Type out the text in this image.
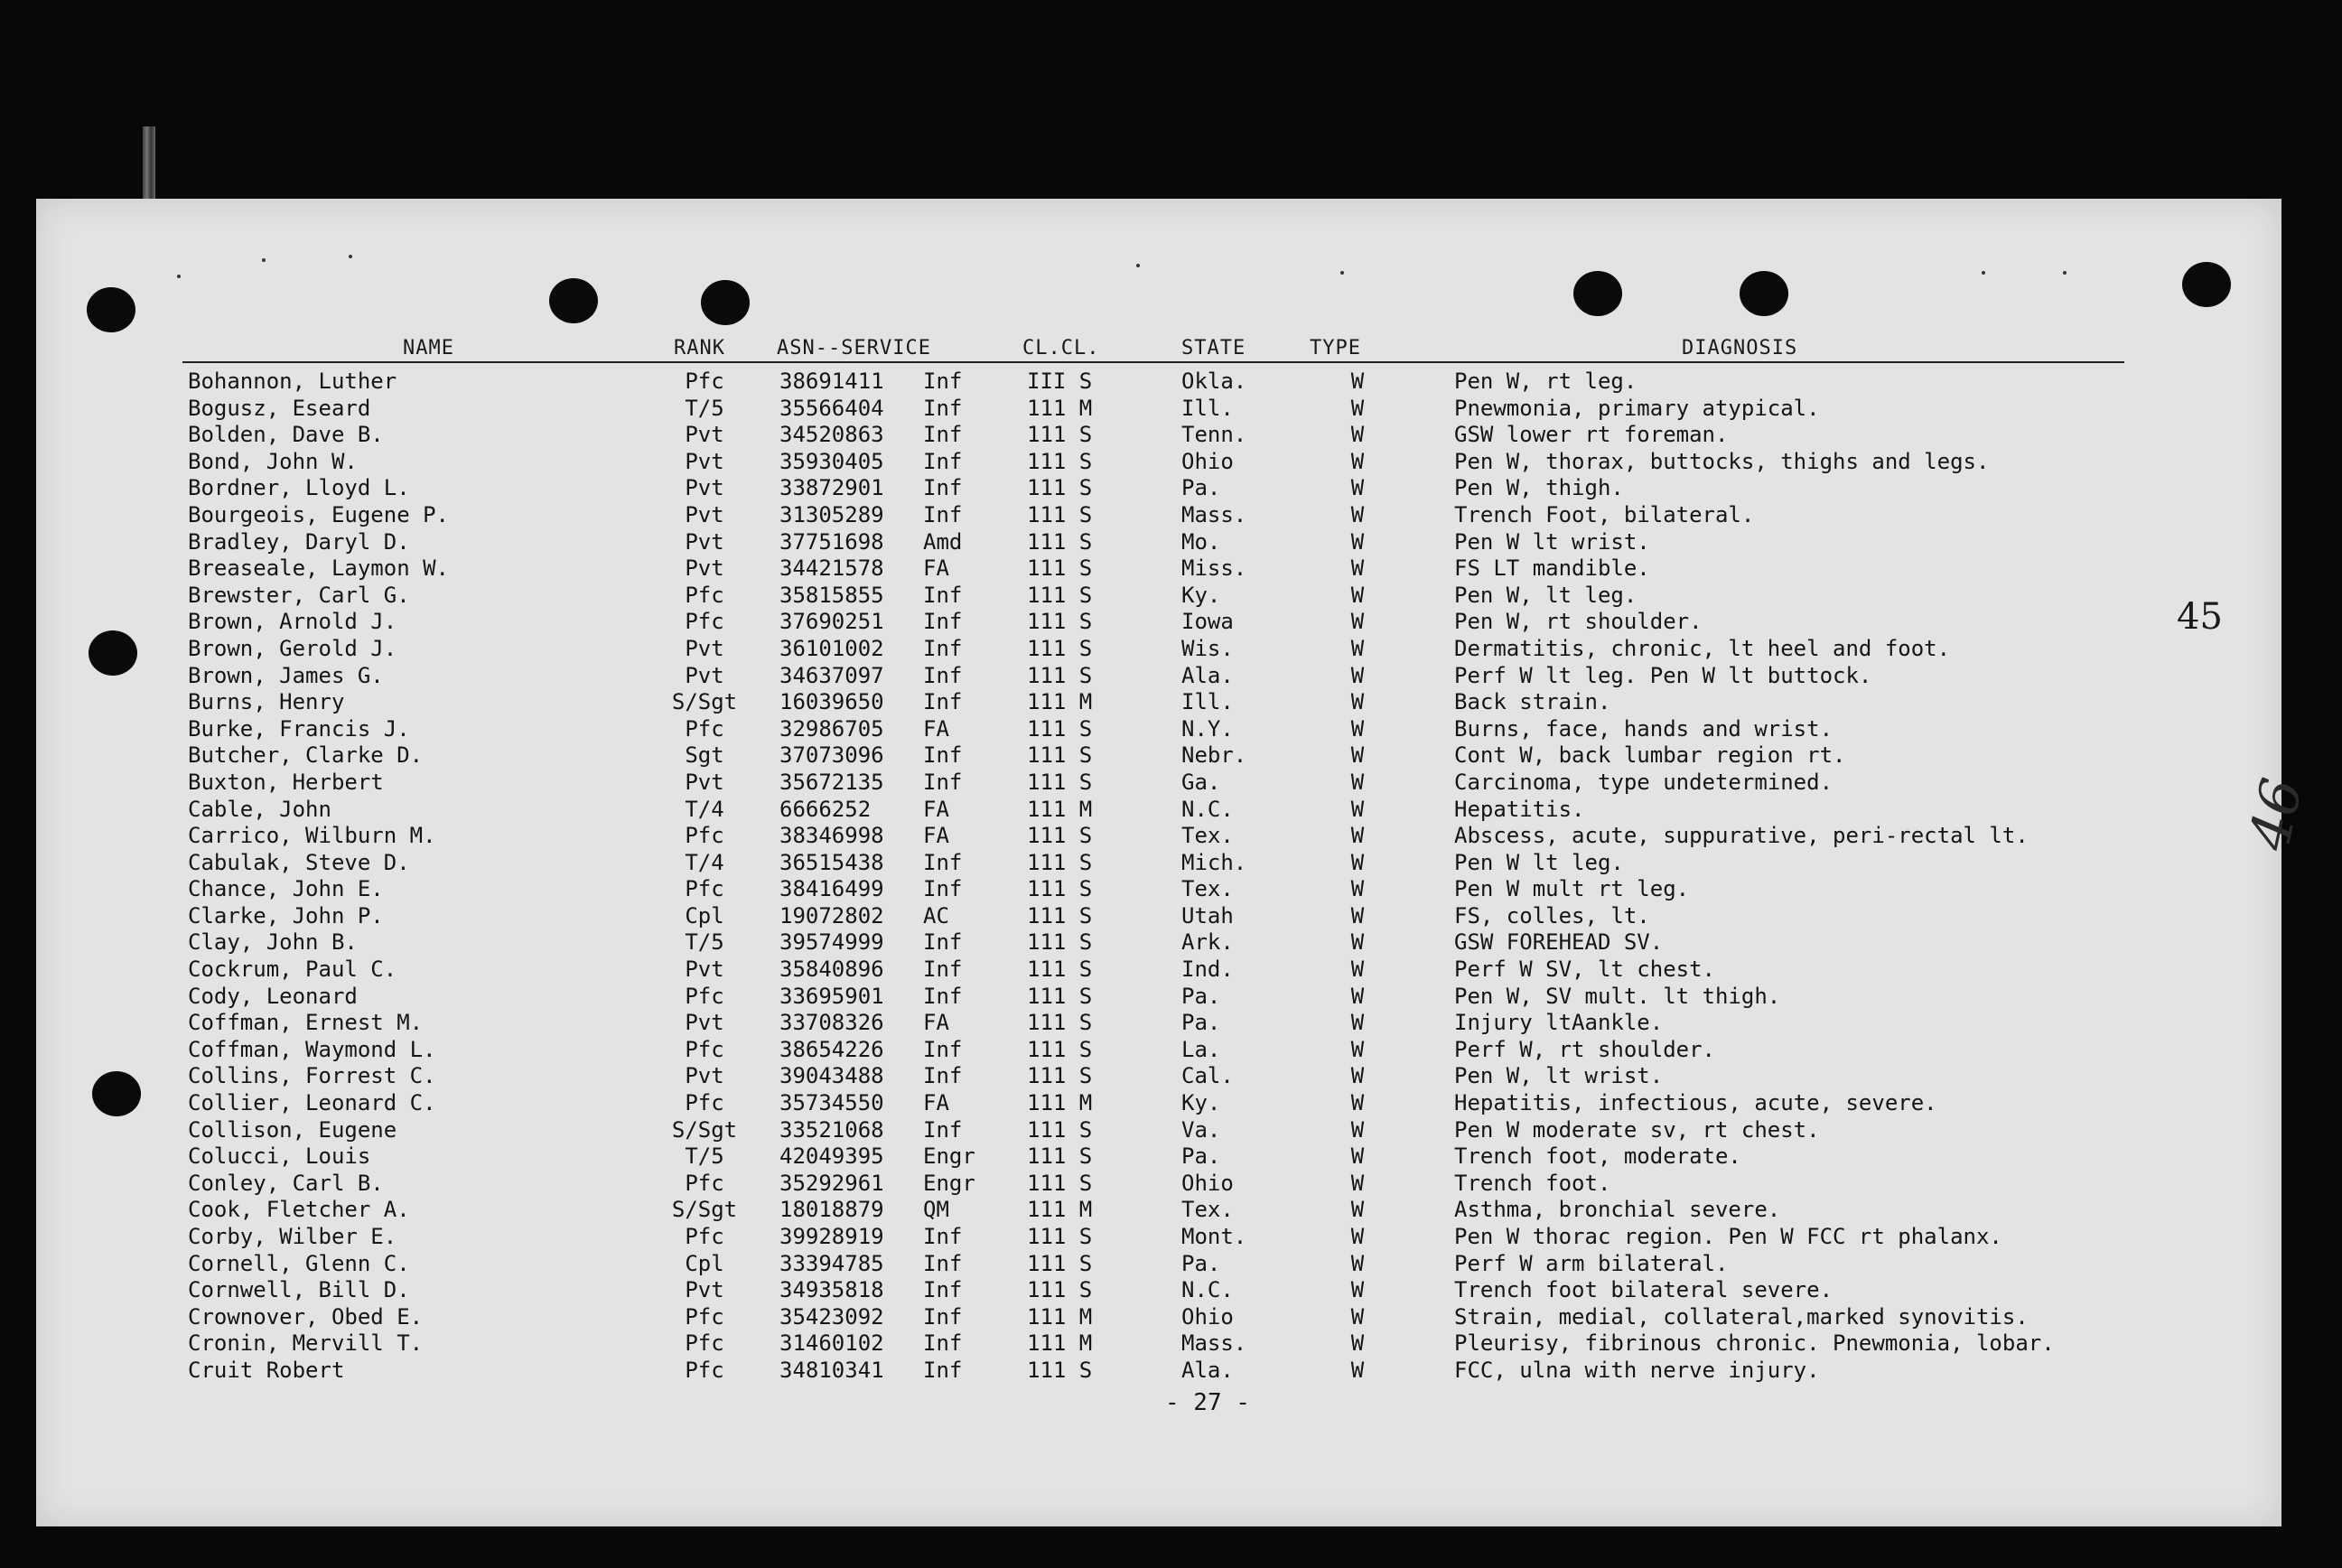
NAME	RANK	ASN--SERVICE	CL.CL.	STATE	TYPE	DIAGNOSIS
Bohannon, Luther	Pfc	38691411 Inf	III S	Okla.	W	Pen W, rt leg.
Bogusz, Eseard	T/5	35566404 Inf	111 M	Ill.	W	Pnewmonia, primary atypical.
Bolden, Dave B.	Pvt	34520863 Inf	111 S	Tenn.	W	GSW lower rt foreman.
Bond, John W.	Pvt	35930405 Inf	111 S	Ohio	W	Pen W, thorax, buttocks, thighs and legs.
Bordner, Lloyd L.	Pvt	33872901 Inf	111 S	Pa.	W	Pen W, thigh.
Bourgeois, Eugene P.	Pvt	31305289 Inf	111 S	Mass.	W	Trench Foot, bilateral.
Bradley, Daryl D.	Pvt	37751698 Amd	111 S	Mo.	W	Pen W lt wrist.
Breaseale, Laymon W.	Pvt	34421578 FA	111 S	Miss.	W	FS LT mandible.
Brewster, Carl G.	Pfc	35815855 Inf	111 S	Ky.	W	Pen W, lt leg.
Brown, Arnold J.	Pfc	37690251 Inf	111 S	Iowa	W	Pen W, rt shoulder.
Brown, Gerold J.	Pvt	36101002 Inf	111 S	Wis.	W	Dermatitis, chronic, lt heel and foot.
Brown, James G.	Pvt	34637097 Inf	111 S	Ala.	W	Perf W lt leg. Pen W lt buttock.
Burns, Henry	S/Sgt	16039650 Inf	111 M	Ill.	W	Back strain.
Burke, Francis J.	Pfc	32986705 FA	111 S	N.Y.	W	Burns, face, hands and wrist.
Butcher, Clarke D.	Sgt	37073096 Inf	111 S	Nebr.	W	Cont W, back lumbar region rt.
Buxton, Herbert	Pvt	35672135 Inf	111 S	Ga.	W	Carcinoma, type undetermined.
Cable, John	T/4	6666252 FA	111 M	N.C.	W	Hepatitis.
Carrico, Wilburn M.	Pfc	38346998 FA	111 S	Tex.	W	Abscess, acute, suppurative, peri-rectal lt.
Cabulak, Steve D.	T/4	36515438 Inf	111 S	Mich.	W	Pen W lt leg.
Chance, John E.	Pfc	38416499 Inf	111 S	Tex.	W	Pen W mult rt leg.
Clarke, John P.	Cpl	19072802 AC	111 S	Utah	W	FS, colles, lt.
Clay, John B.	T/5	39574999 Inf	111 S	Ark.	W	GSW FOREHEAD SV.
Cockrum, Paul C.	Pvt	35840896 Inf	111 S	Ind.	W	Perf W SV, lt chest.
Cody, Leonard	Pfc	33695901 Inf	111 S	Pa.	W	Pen W, SV mult. lt thigh.
Coffman, Ernest M.	Pvt	33708326 FA	111 S	Pa.	W	Injury ltAankle.
Coffman, Waymond L.	Pfc	38654226 Inf	111 S	La.	W	Perf W, rt shoulder.
Collins, Forrest C.	Pvt	39043488 Inf	111 S	Cal.	W	Pen W, lt wrist.
Collier, Leonard C.	Pfc	35734550 FA	111 M	Ky.	W	Hepatitis, infectious, acute, severe.
Collison, Eugene	S/Sgt	33521068 Inf	111 S	Va.	W	Pen W moderate sv, rt chest.
Colucci, Louis	T/5	42049395 Engr 111 S	Pa.	W	Trench foot, moderate.
Conley, Carl B.	Pfc	35292961 Engr 111 S	Ohio	W	Trench foot.
Cook, Fletcher A.	S/Sgt	18018879 QM	111 M	Tex.	W	Asthma, bronchial severe.
Corby, Wilber E.	Pfc	39928919 Inf	111 S	Mont.	W	Pen W thorac region. Pen W FCC rt phalanx.
Cornell, Glenn C.	Cpl	33394785 Inf	111 S	Pa.	W	Perf W arm bilateral.
Cornwell, Bill D.	Pvt	34935818 Inf	111 S	N.C.	W	Trench foot bilateral severe.
Crownover, Obed E.	Pfc	35423092 Inf	111 M	Ohio	W	Strain, medial, collateral,marked synovitis.
Cronin, Mervill T.	Pfc	31460102 Inf	111 M	Mass.	W	Pleurisy, fibrinous chronic. Pnewmonia, lobar.
Cruit Robert	Pfc	34810341 Inf	111 S	Ala.	W	FCC, ulna with nerve injury.
- 27 -
45
46
